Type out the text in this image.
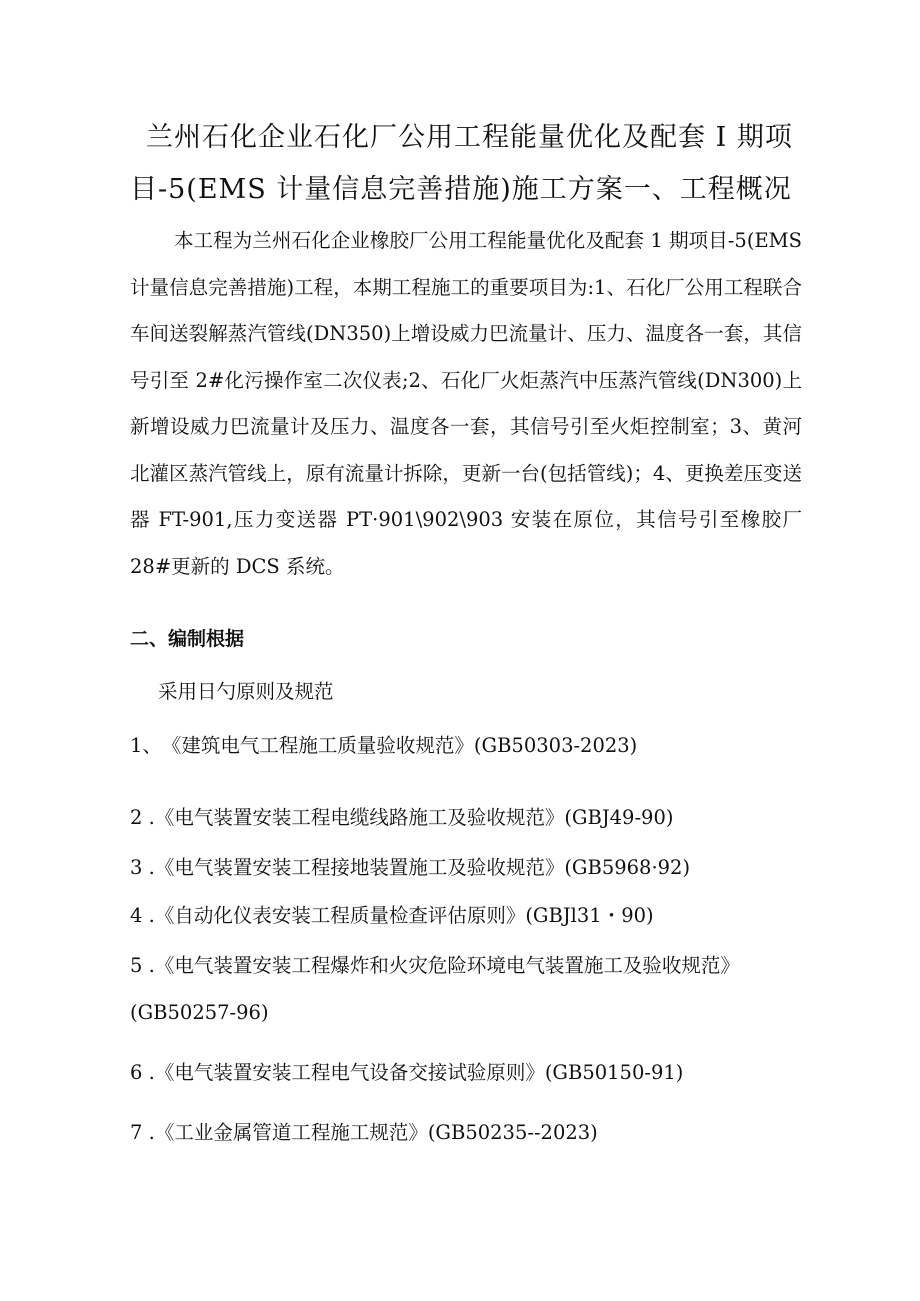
兰州石化企业石化厂公用工程能量优化及配套 I 期项目-5(EMS 计量信息完善措施)施工方案一、工程概况

本工程为兰州石化企业橡胶厂公用工程能量优化及配套 1 期项目-5(EMS 计量信息完善措施)工程，本期工程施工的重要项目为:1、石化厂公用工程联合车间送裂解蒸汽管线(DN350)上增设威力巴流量计、压力、温度各一套，其信号引至 2#化污操作室二次仪表;2、石化厂火炬蒸汽中压蒸汽管线(DN300)上新增设威力巴流量计及压力、温度各一套，其信号引至火炬控制室；3、黄河北灌区蒸汽管线上，原有流量计拆除，更新一台(包括管线)；4、更换差压变送器 FT-901,压力变送器 PT·901\902\903 安装在原位，其信号引至橡胶厂 28#更新的 DCS 系统。

二、编制根据

采用日勺原则及规范

1、《建筑电气工程施工质量验收规范》(GB50303-2023)

2 .《电气装置安装工程电缆线路施工及验收规范》(GBJ49-90)

3 .《电气装置安装工程接地装置施工及验收规范》(GB5968·92)

4 .《自动化仪表安装工程质量检查评估原则》(GBJl31・90)

5 .《电气装置安装工程爆炸和火灾危险环境电气装置施工及验收规范》(GB50257-96)

6 .《电气装置安装工程电气设备交接试验原则》(GB50150-91)

7 .《工业金属管道工程施工规范》(GB50235--2023)
